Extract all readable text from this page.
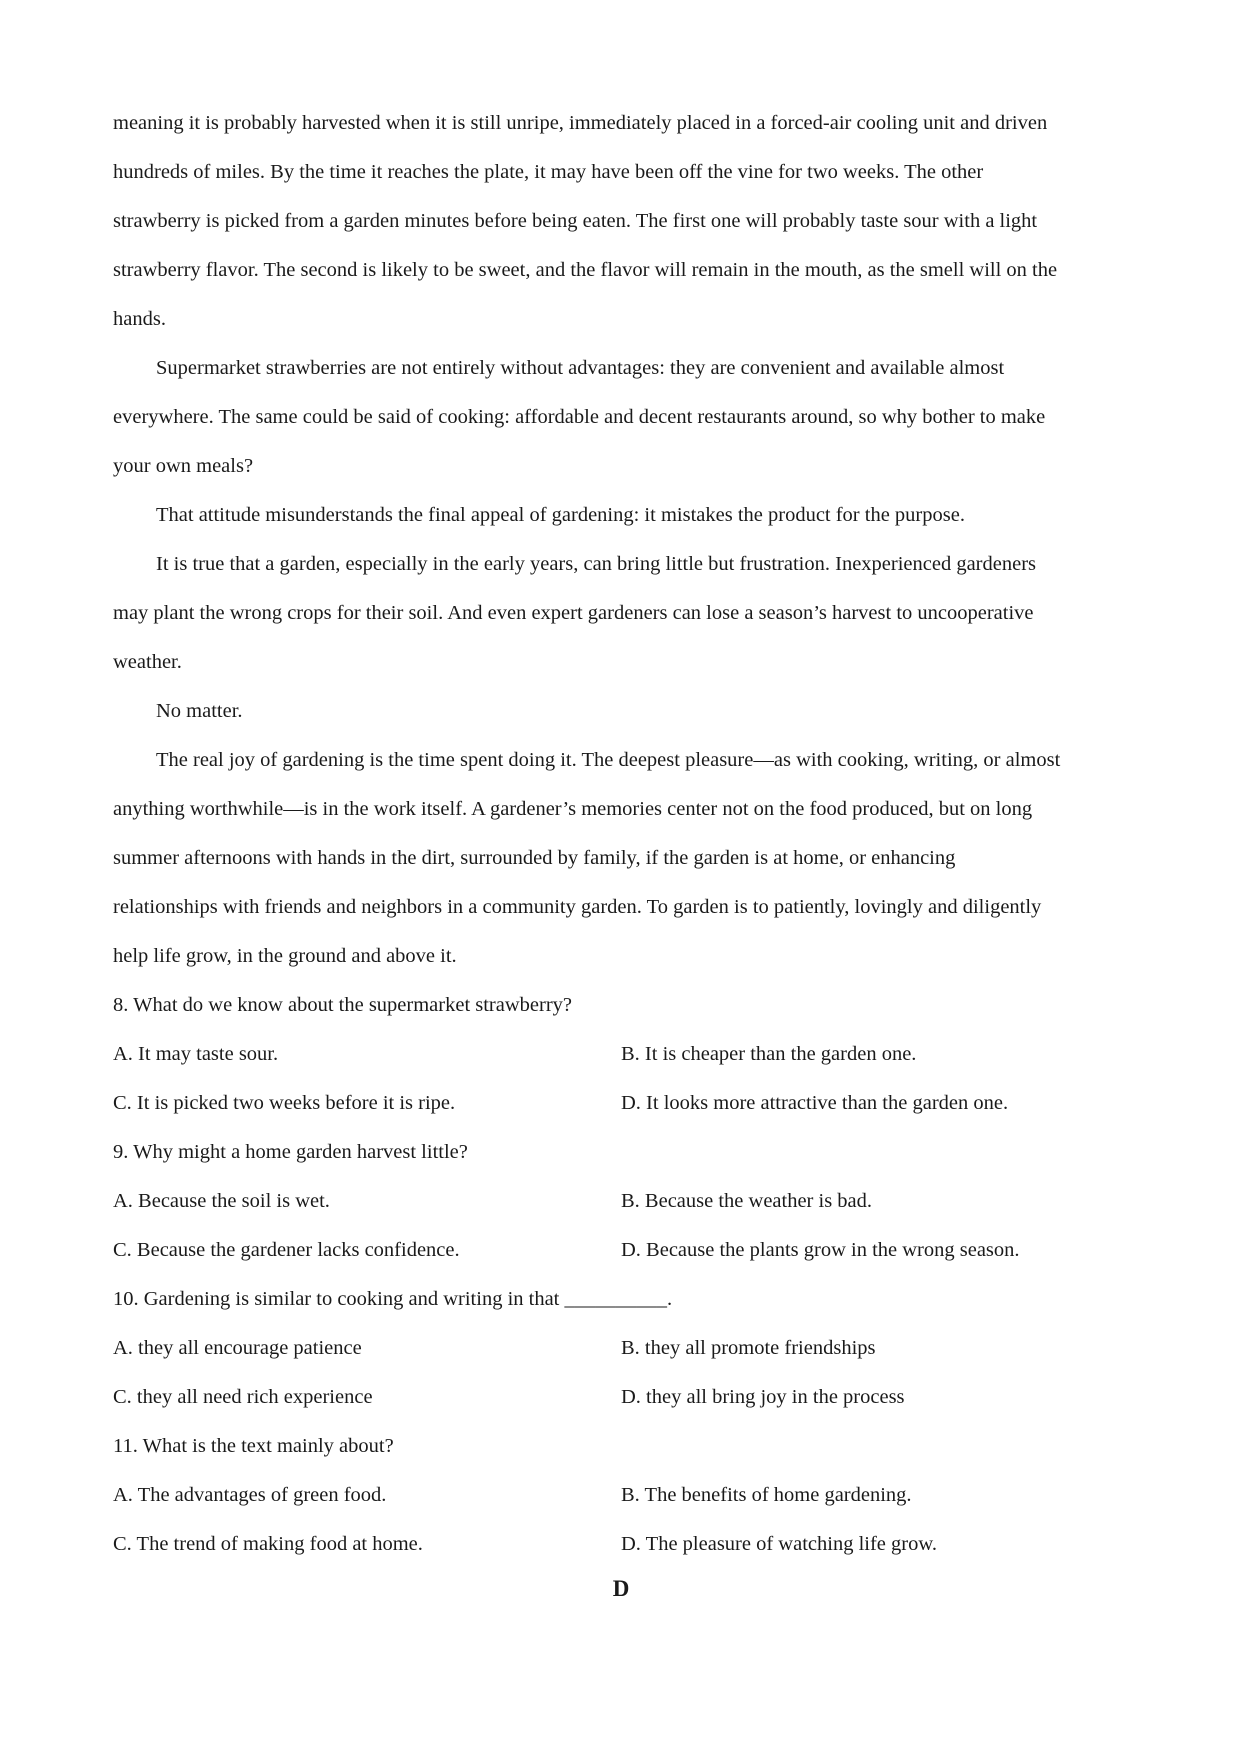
meaning it is probably harvested when it is still unripe, immediately placed in a forced-air cooling unit and driven
hundreds of miles. By the time it reaches the plate, it may have been off the vine for two weeks. The other
strawberry is picked from a garden minutes before being eaten. The first one will probably taste sour with a light
strawberry flavor. The second is likely to be sweet, and the flavor will remain in the mouth, as the smell will on the
hands.
Supermarket strawberries are not entirely without advantages: they are convenient and available almost
everywhere. The same could be said of cooking: affordable and decent restaurants around, so why bother to make
your own meals?
That attitude misunderstands the final appeal of gardening: it mistakes the product for the purpose.
It is true that a garden, especially in the early years, can bring little but frustration. Inexperienced gardeners
may plant the wrong crops for their soil. And even expert gardeners can lose a season’s harvest to uncooperative
weather.
No matter.
The real joy of gardening is the time spent doing it. The deepest pleasure—as with cooking, writing, or almost
anything worthwhile—is in the work itself. A gardener’s memories center not on the food produced, but on long
summer afternoons with hands in the dirt, surrounded by family, if the garden is at home, or enhancing
relationships with friends and neighbors in a community garden. To garden is to patiently, lovingly and diligently
help life grow, in the ground and above it.
8. What do we know about the supermarket strawberry?
A. It may taste sour.	B. It is cheaper than the garden one.
C. It is picked two weeks before it is ripe.	D. It looks more attractive than the garden one.
9. Why might a home garden harvest little?
A. Because the soil is wet.	B. Because the weather is bad.
C. Because the gardener lacks confidence.	D. Because the plants grow in the wrong season.
10. Gardening is similar to cooking and writing in that __________.
A. they all encourage patience	B. they all promote friendships
C. they all need rich experience	D. they all bring joy in the process
11. What is the text mainly about?
A. The advantages of green food.	B. The benefits of home gardening.
C. The trend of making food at home.	D. The pleasure of watching life grow.
D
